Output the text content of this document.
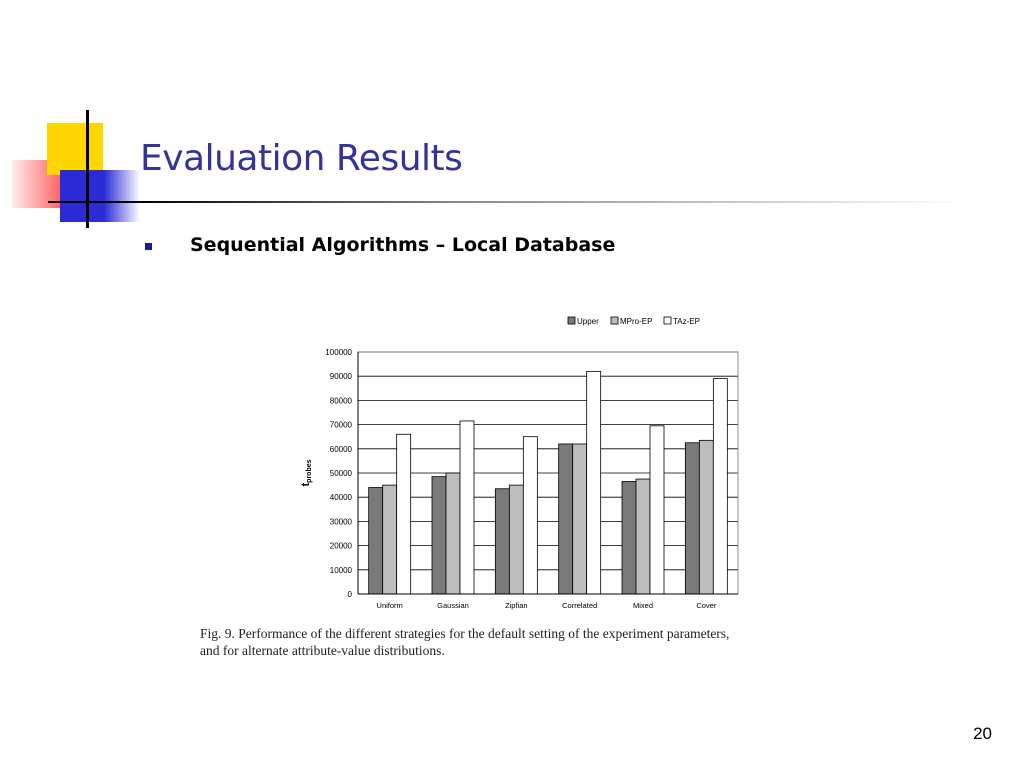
Evaluation Results
Sequential Algorithms – Local Database
0
10000
20000
30000
40000
50000
60000
70000
80000
90000
100000
Uniform	Gaussian	Zipfian	Correlated	Mixed	Cover
Upper	MPro-EP	TAz-EP
$t_{probes}$
Fig. 9. Performance of the different strategies for the default setting of the experiment parameters,
and for alternate attribute-value distributions.
20
